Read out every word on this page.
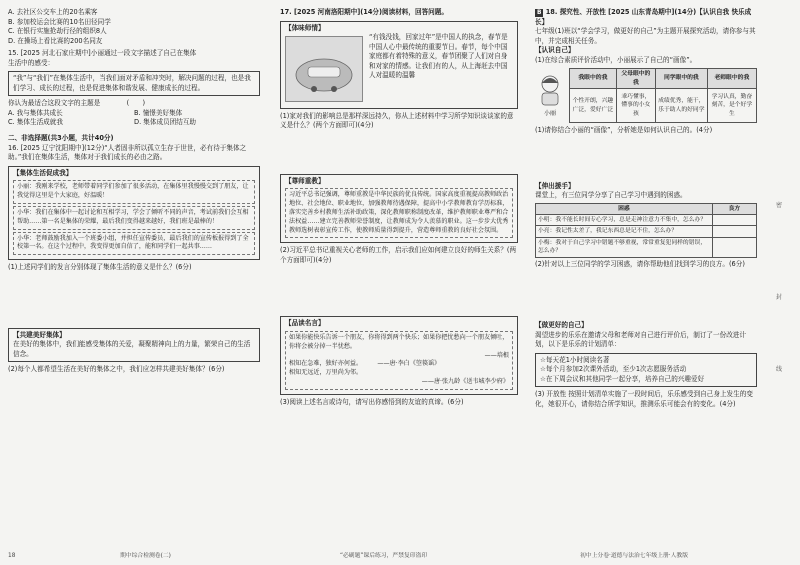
A. 去社区公交车上的20名乘客

B. 参加校运会比赛的10名田径同学

C. 在银行实施抢劫行径的组织8人

D. 在操场上看比赛的200名同友

15. [2025 河北石家庄期中]小丽通过一段文字描述了自己在集体

生活中的感受：

“我”与“我们”在集体生活中，当我们面对矛盾和冲突时，解决问题的过程，也是我们学习、成长的过程，也是促进集体和谐发展、健康成长的过程。

你认为最适合这段文字的主题是　　　　(　　)

A. 我与集体共成长	B. 憧憬美好集体
C. 集体生活成就我	D. 集体成员团结互助

二、非选择题(共3小题，共计40分)

16. [2025 辽宁沈阳期中](12分)“人者固非所以孤立生存于世世，必有待于集体之助。”我们在集体生活，集体对于我们成长的必由之路。

【集体生活促成我】

小丽：我刚来学校，老师带着同学们参加了很多活动，在集体里我慢慢交到了朋友，让我觉得这里是个大家庭，好温暖！
小华：我们在集体中一起讨论和互相学习，学会了倾听不同的声音，考试前我们会互相帮助……第一名是集体的荣耀，最后我们变得越来越好，我们班是最棒的！
小华：老师鼓励我加入一个班委小组，并担任宣传委员，最后我们的宣传板报得到了全校第一名。在这个过程中，我变得更加自信了，能和同学们一起共事……

(1)上述同学们的发言分别体现了集体生活的意义是什么？(6分)

【共建美好集体】

在美好的集体中，我们能感受集体的关爱，凝聚精神向上的力量，繁荣自己的生活信念。

(2)每个人都希望生活在美好的集体之中，我们应怎样共建美好集体？(6分)

17. [2025 河南洛阳期中](14分)阅读材料，回答问题。

【体味师情】

“有钱没钱，回家过年”是中国人的执念，春节是中国人心中最传统的重要节日。春节，每个中国家庭都有着特殊的意义，春节团聚了人们对自身和对家的情感。让我们有的人，从上海赶去中国人对温暖的温馨

(1)家对我们的影响总是那样深远持久，你从上述材料中学习所学知识谈谈家的意义是什么？(两个方面即可)(4分)

【尊师重教】

习近平总书记强调，尊师重教是中华民族的优良传统。国家高度重视提高教师政治地位、社会地位、职业地位，加强教师待遇保障，提高中小学教师教育学历标准，落实完善乡村教师生活补助政策，深化教师职称制度改革，维护教师职业尊严和合法权益……建立完善教师荣誉制度，让教师成为令人羡慕的职业。这一步步大优秀教师选树表彰宣传工作，使教师质量得到提升，营造尊师重教的良好社会氛围。

(2)习近平总书记重视关心老师的工作，启示我们应如何建立良好的师生关系？(两个方面即可)(4分)

【品读名言】

如果你能快乐告诉一个朋友，你将得到两个快乐；如果你把忧愁向一个朋友倾吐，你将会被分掉一半忧愁。

——培根

相知在急难，独好亦何益。　　　——唐·李白《箜篌谣》

相知无远近，万里尚为邻。

——唐·张九龄《送韦城李少府》

(3)阅读上述名言或诗句，请写出你感悟到的友谊的真谛。(6分)

B 18. 探究性、开放性 [2025 山东青岛期中](14分)【认识自我 快乐成长】

七年级(1)班以“学会学习，做更好的自己”为主题开展探究活动，请你参与其中，并完成相关任务。

【认识自己】

(1)在综合素质评价活动中，小丽展示了自己的“画像”。

小丽
我眼中的我	父母眼中的我	同学眼中的我	老师眼中的我
个性开朗，兴趣广泛，爱好广泛	乖巧懂事，懂事的小女孩	成绩优秀，能干，乐于助人的好同学	学习认真，勤奋刻苦，是个好学生

(1)请你结合小丽的“画像”，分析她是如何认识自己的。(4分)

【伸出援手】

课堂上，有三位同学分享了自己学习中遇到的困惑。

困惑	良方
小明：我不能长时间专心学习，总是走神注意力不集中，怎么办？	
小亮：我记性太差了，我记东西总是记不住，怎么办？	
小梅：我对于自己学习中错题不够重视，常常重复犯同样的错误，怎么办？	

(2)针对以上三位同学的学习困惑，请你帮助他们找到学习的良方。(6分)

【做更好的自己】

渴望进步的乐乐在邀请父母和老师对自己进行评价后，制订了一份改进计划，以下是乐乐的计划清单：

☆每天花1小时阅读名著

☆每个月参加2次课外活动，至少1次志愿服务活动

☆在下周会议和其他同学一起分享，培养自己的兴趣爱好

(3) 开放性 按照计划清单实施了一段时间后，乐乐感受到自己身上发生的变化，她很开心，请你结合所学知识，推测乐乐可能会有的变化。(4分)

密
封
线
18	期中综合检测卷(二)	“必刷题”课后练习，严禁复印盗印	初中上分卷·道德与法治七年级上册·人教版
